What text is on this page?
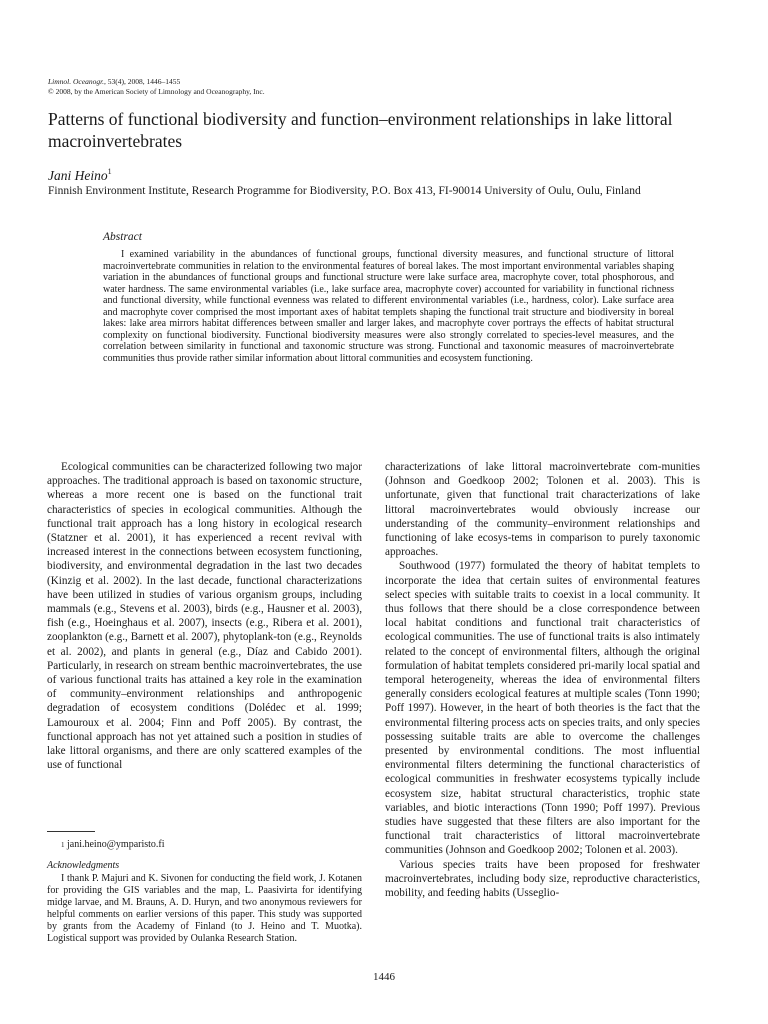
Limnol. Oceanogr., 53(4), 2008, 1446–1455
© 2008, by the American Society of Limnology and Oceanography, Inc.
Patterns of functional biodiversity and function–environment relationships in lake littoral macroinvertebrates
Jani Heino$^1$
Finnish Environment Institute, Research Programme for Biodiversity, P.O. Box 413, FI-90014 University of Oulu, Oulu, Finland
Abstract
I examined variability in the abundances of functional groups, functional diversity measures, and functional structure of littoral macroinvertebrate communities in relation to the environmental features of boreal lakes. The most important environmental variables shaping variation in the abundances of functional groups and functional structure were lake surface area, macrophyte cover, total phosphorous, and water hardness. The same environmental variables (i.e., lake surface area, macrophyte cover) accounted for variability in functional richness and functional diversity, while functional evenness was related to different environmental variables (i.e., hardness, color). Lake surface area and macrophyte cover comprised the most important axes of habitat templets shaping the functional trait structure and biodiversity in boreal lakes: lake area mirrors habitat differences between smaller and larger lakes, and macrophyte cover portrays the effects of habitat structural complexity on functional biodiversity. Functional biodiversity measures were also strongly correlated to species-level measures, and the correlation between similarity in functional and taxonomic structure was strong. Functional and taxonomic measures of macroinvertebrate communities thus provide rather similar information about littoral communities and ecosystem functioning.

Ecological communities can be characterized following two major approaches. The traditional approach is based on taxonomic structure, whereas a more recent one is based on the functional trait characteristics of species in ecological communities. Although the functional trait approach has a long history in ecological research (Statzner et al. 2001), it has experienced a recent revival with increased interest in the connections between ecosystem functioning, biodiversity, and environmental degradation in the last two decades (Kinzig et al. 2002). In the last decade, functional characterizations have been utilized in studies of various organism groups, including mammals (e.g., Stevens et al. 2003), birds (e.g., Hausner et al. 2003), fish (e.g., Hoeinghaus et al. 2007), insects (e.g., Ribera et al. 2001), zooplankton (e.g., Barnett et al. 2007), phytoplank-ton (e.g., Reynolds et al. 2002), and plants in general (e.g., Díaz and Cabido 2001). Particularly, in research on stream benthic macroinvertebrates, the use of various functional traits has attained a key role in the examination of community–environment relationships and anthropogenic degradation of ecosystem conditions (Dolédec et al. 1999; Lamouroux et al. 2004; Finn and Poff 2005). By contrast, the functional approach has not yet attained such a position in studies of lake littoral organisms, and there are only scattered examples of the use of functional

characterizations of lake littoral macroinvertebrate com-munities (Johnson and Goedkoop 2002; Tolonen et al. 2003). This is unfortunate, given that functional trait characterizations of lake littoral macroinvertebrates would obviously increase our understanding of the community–environment relationships and functioning of lake ecosys-tems in comparison to purely taxonomic approaches.

Southwood (1977) formulated the theory of habitat templets to incorporate the idea that certain suites of environmental features select species with suitable traits to coexist in a local community. It thus follows that there should be a close correspondence between local habitat conditions and functional trait characteristics of ecological communities. The use of functional traits is also intimately related to the concept of environmental filters, although the original formulation of habitat templets considered pri-marily local spatial and temporal heterogeneity, whereas the idea of environmental filters generally considers ecological features at multiple scales (Tonn 1990; Poff 1997). However, in the heart of both theories is the fact that the environmental filtering process acts on species traits, and only species possessing suitable traits are able to overcome the challenges presented by environmental conditions. The most influential environmental filters determining the functional characteristics of ecological communities in freshwater ecosystems typically include ecosystem size, habitat structural characteristics, trophic state variables, and biotic interactions (Tonn 1990; Poff 1997). Previous studies have suggested that these filters are also important for the functional trait characteristics of littoral macroinvertebrate communities (Johnson and Goedkoop 2002; Tolonen et al. 2003).

Various species traits have been proposed for freshwater macroinvertebrates, including body size, reproductive characteristics, mobility, and feeding habits (Usseglio-

$^1$ jani.heino@ymparisto.fi
Acknowledgments
I thank P. Majuri and K. Sivonen for conducting the field work, J. Kotanen for providing the GIS variables and the map, L. Paasivirta for identifying midge larvae, and M. Brauns, A. D. Huryn, and two anonymous reviewers for helpful comments on earlier versions of this paper. This study was supported by grants from the Academy of Finland (to J. Heino and T. Muotka). Logistical support was provided by Oulanka Research Station.
1446
